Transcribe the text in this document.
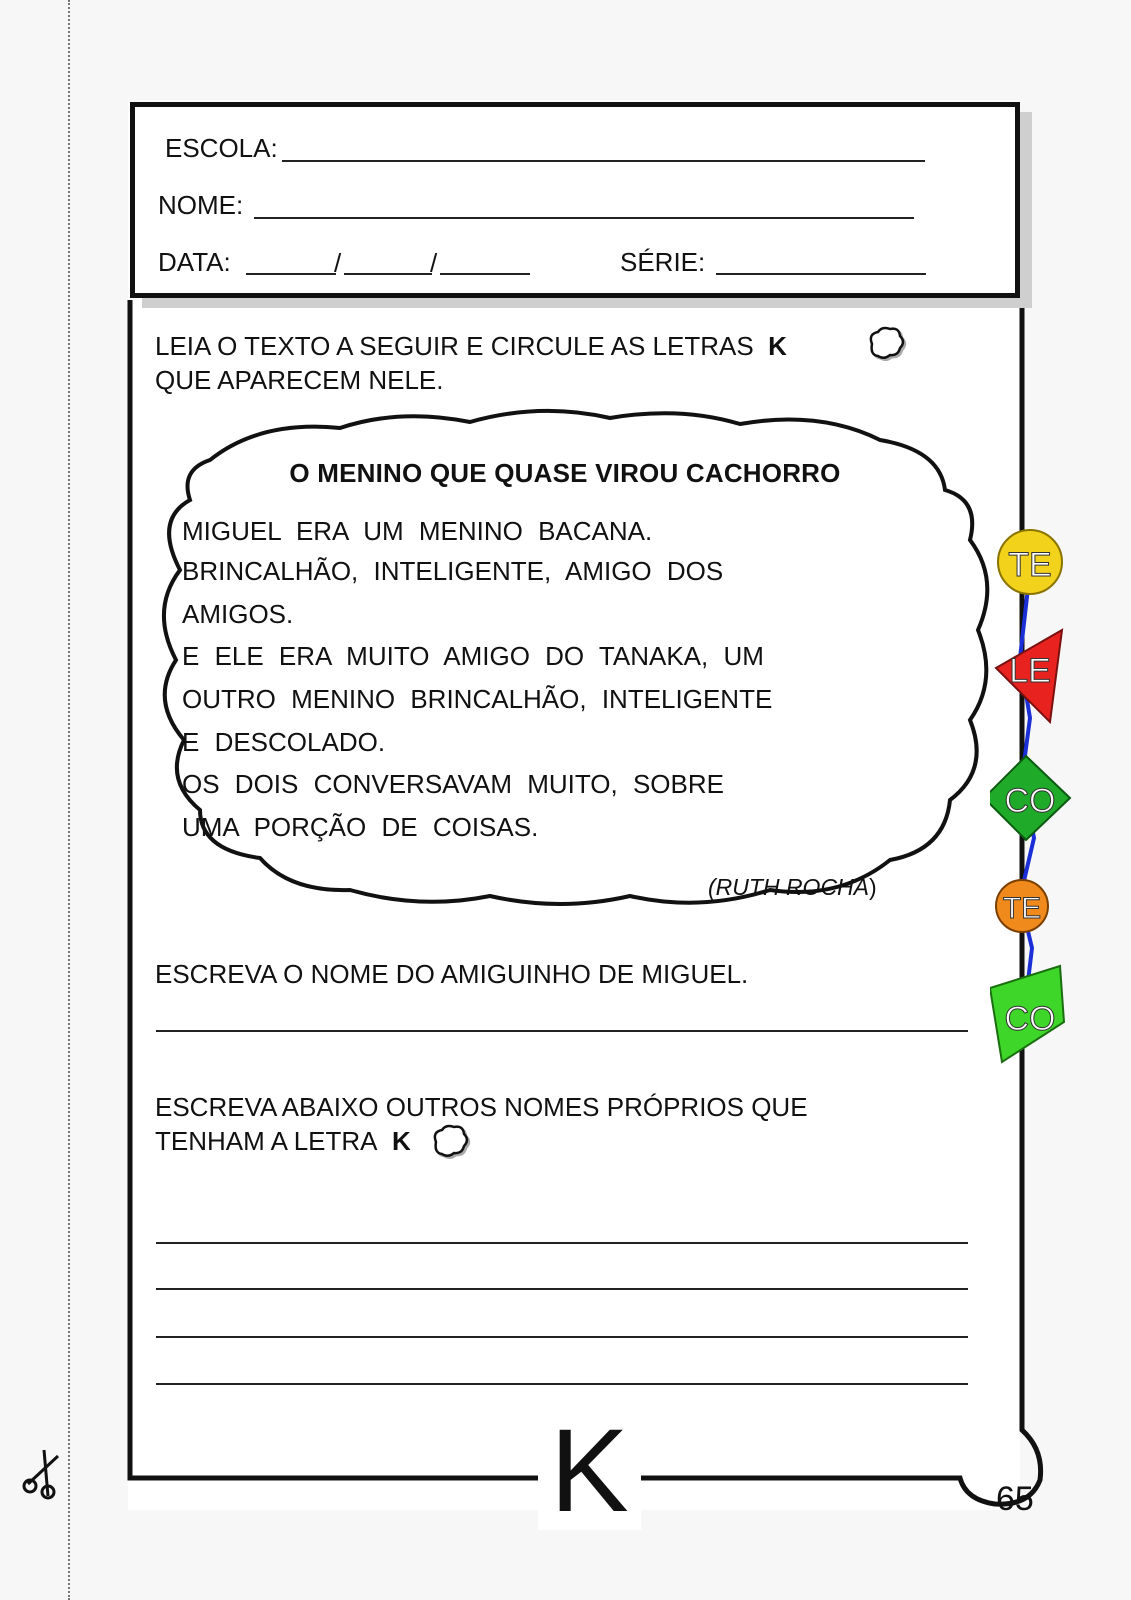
ESCOLA:
NOME:
DATA:	/	/	SÉRIE:
LEIA O TEXTO A SEGUIR E CIRCULE AS LETRAS K
QUE APARECEM NELE.
O MENINO QUE QUASE VIROU CACHORRO
MIGUEL ERA UM MENINO BACANA.
BRINCALHÃO, INTELIGENTE, AMIGO DOS
AMIGOS.
E ELE ERA MUITO AMIGO DO TANAKA, UM
OUTRO MENINO BRINCALHÃO, INTELIGENTE
E DESCOLADO.
OS DOIS CONVERSAVAM MUITO, SOBRE
UMA PORÇÃO DE COISAS.
(RUTH ROCHA)
ESCREVA O NOME DO AMIGUINHO DE MIGUEL.
ESCREVA ABAIXO OUTROS NOMES PRÓPRIOS QUE
TENHAM A LETRA K
TE
LE
CO
TE
CO
K	65
